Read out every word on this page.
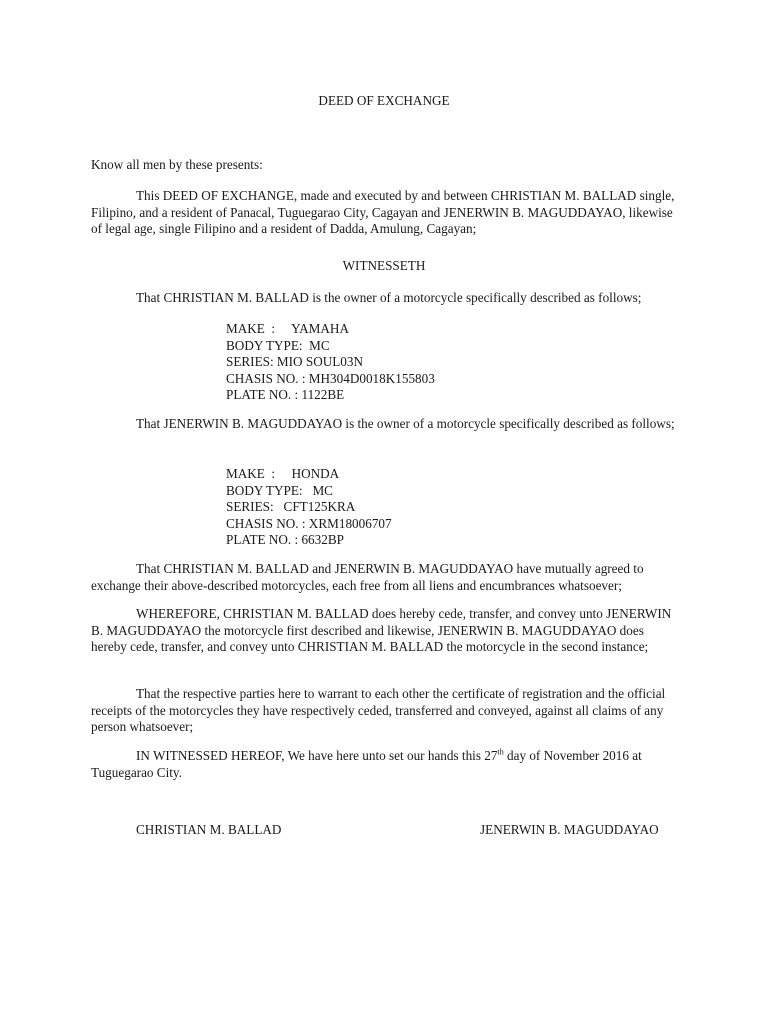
DEED OF EXCHANGE
Know all men by these presents:

This DEED OF EXCHANGE, made and executed by and between CHRISTIAN M. BALLAD single, Filipino, and a resident of Panacal, Tuguegarao City, Cagayan and JENERWIN B. MAGUDDAYAO, likewise of legal age, single Filipino and a resident of Dadda, Amulung, Cagayan;

WITNESSETH

That CHRISTIAN M. BALLAD is the owner of a motorcycle specifically described as follows;

MAKE  :     YAMAHA
BODY TYPE:  MC
SERIES: MIO SOUL03N
CHASIS NO. : MH304D0018K155803
PLATE NO. : 1122BE

That JENERWIN B. MAGUDDAYAO is the owner of a motorcycle specifically described as follows;

MAKE  :     HONDA
BODY TYPE:   MC
SERIES:   CFT125KRA
CHASIS NO. : XRM18006707
PLATE NO. : 6632BP

That CHRISTIAN M. BALLAD and JENERWIN B. MAGUDDAYAO have mutually agreed to exchange their above-described motorcycles, each free from all liens and encumbrances whatsoever;

WHEREFORE, CHRISTIAN M. BALLAD does hereby cede, transfer, and convey unto JENERWIN B. MAGUDDAYAO the motorcycle first described and likewise, JENERWIN B. MAGUDDAYAO does hereby cede, transfer, and convey unto CHRISTIAN M. BALLAD the motorcycle in the second instance;

That the respective parties here to warrant to each other the certificate of registration and the official receipts of the motorcycles they have respectively ceded, transferred and conveyed, against all claims of any person whatsoever;

IN WITNESSED HEREOF, We have here unto set our hands this 27th day of November 2016 at Tuguegarao City.

CHRISTIAN M. BALLAD	JENERWIN B. MAGUDDAYAO
